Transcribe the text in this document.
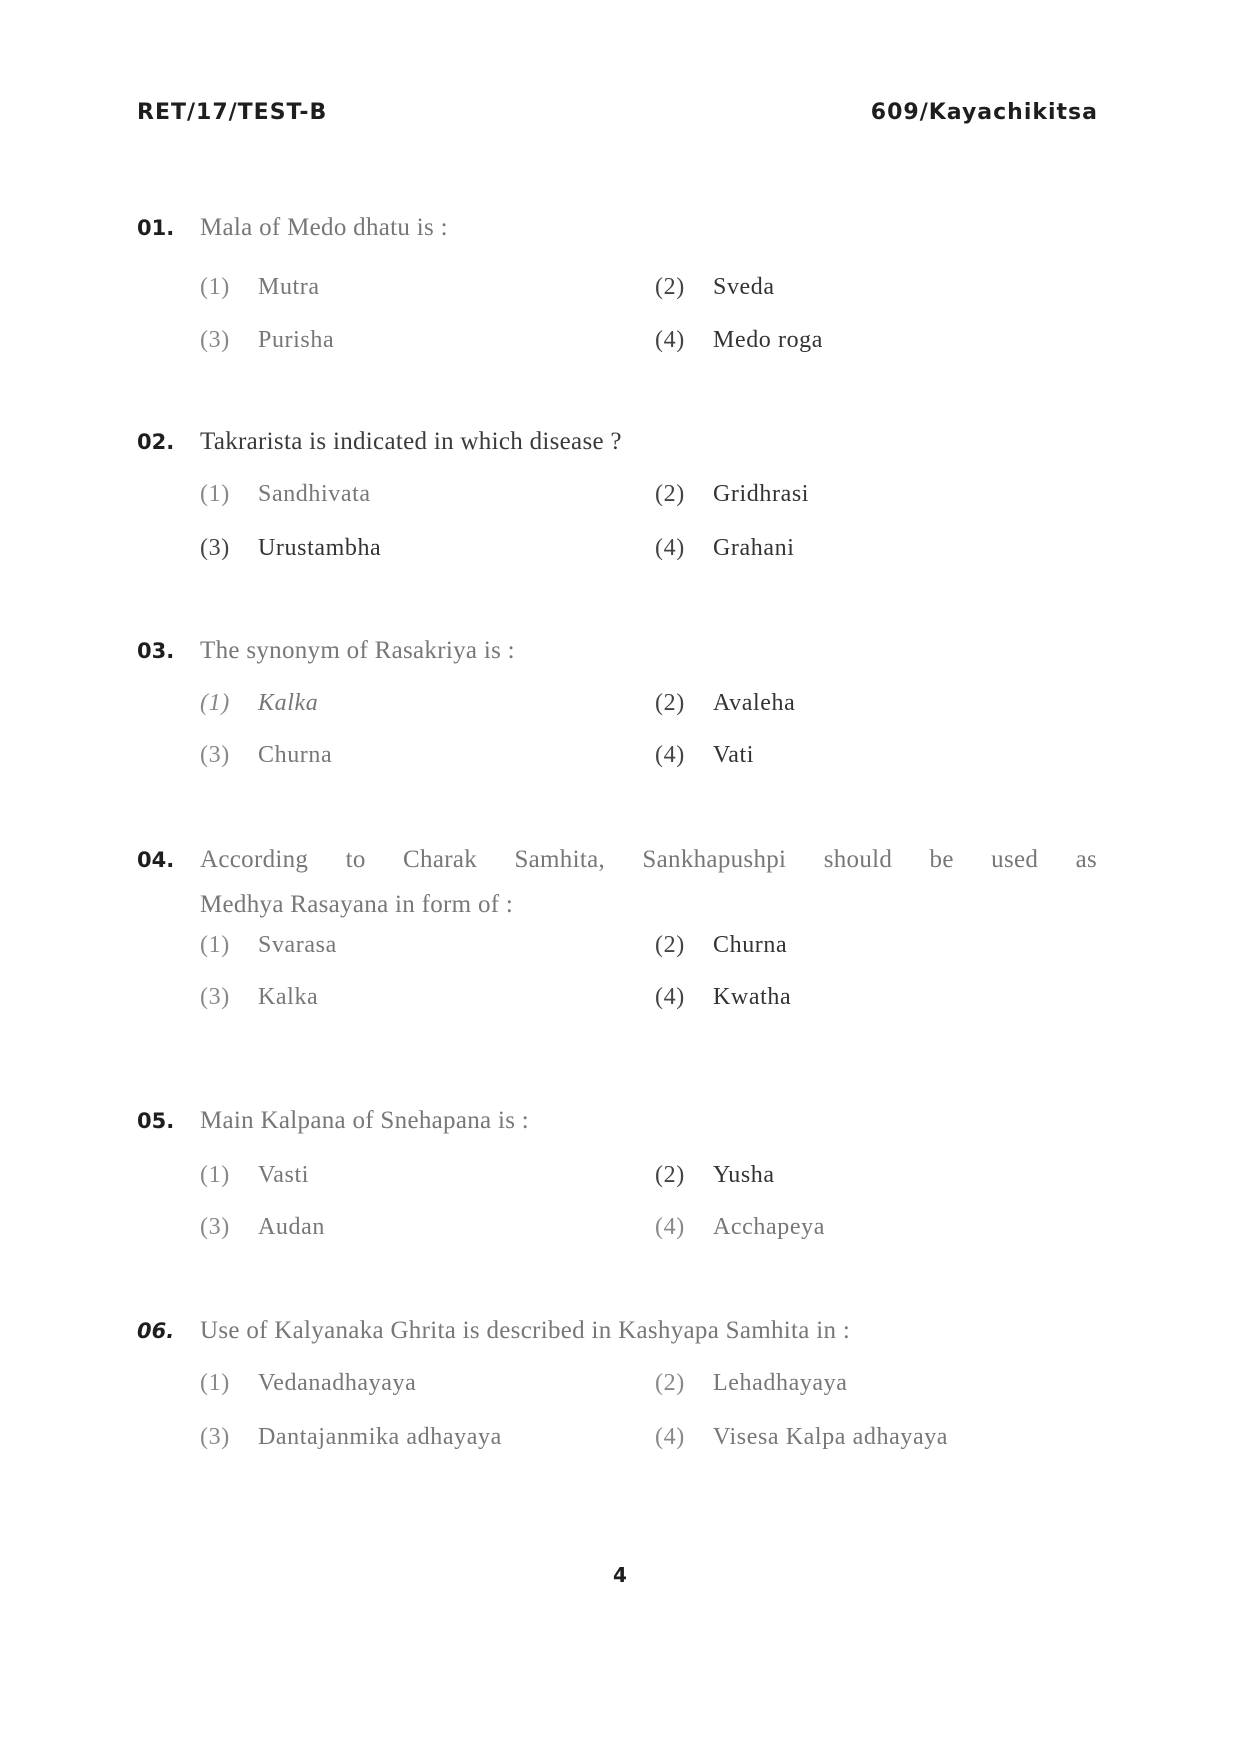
RET/17/TEST-B	609/Kayachikitsa
01.	Mala of Medo dhatu is :
(1) Mutra	(2) Sveda
(3) Purisha	(4) Medo roga
02.	Takrarista is indicated in which disease ?
(1) Sandhivata	(2) Gridhrasi
(3) Urustambha	(4) Grahani
03.	The synonym of Rasakriya is :
(1) Kalka	(2) Avaleha
(3) Churna	(4) Vati
04.	According to Charak Samhita, Sankhapushpi should be used as
Medhya Rasayana in form of :
(1) Svarasa	(2) Churna
(3) Kalka	(4) Kwatha
05.	Main Kalpana of Snehapana is :
(1) Vasti	(2) Yusha
(3) Audan	(4) Acchapeya
06.	Use of Kalyanaka Ghrita is described in Kashyapa Samhita in :
(1) Vedanadhayaya	(2) Lehadhayaya
(3) Dantajanmika adhayaya	(4) Visesa Kalpa adhayaya
4
